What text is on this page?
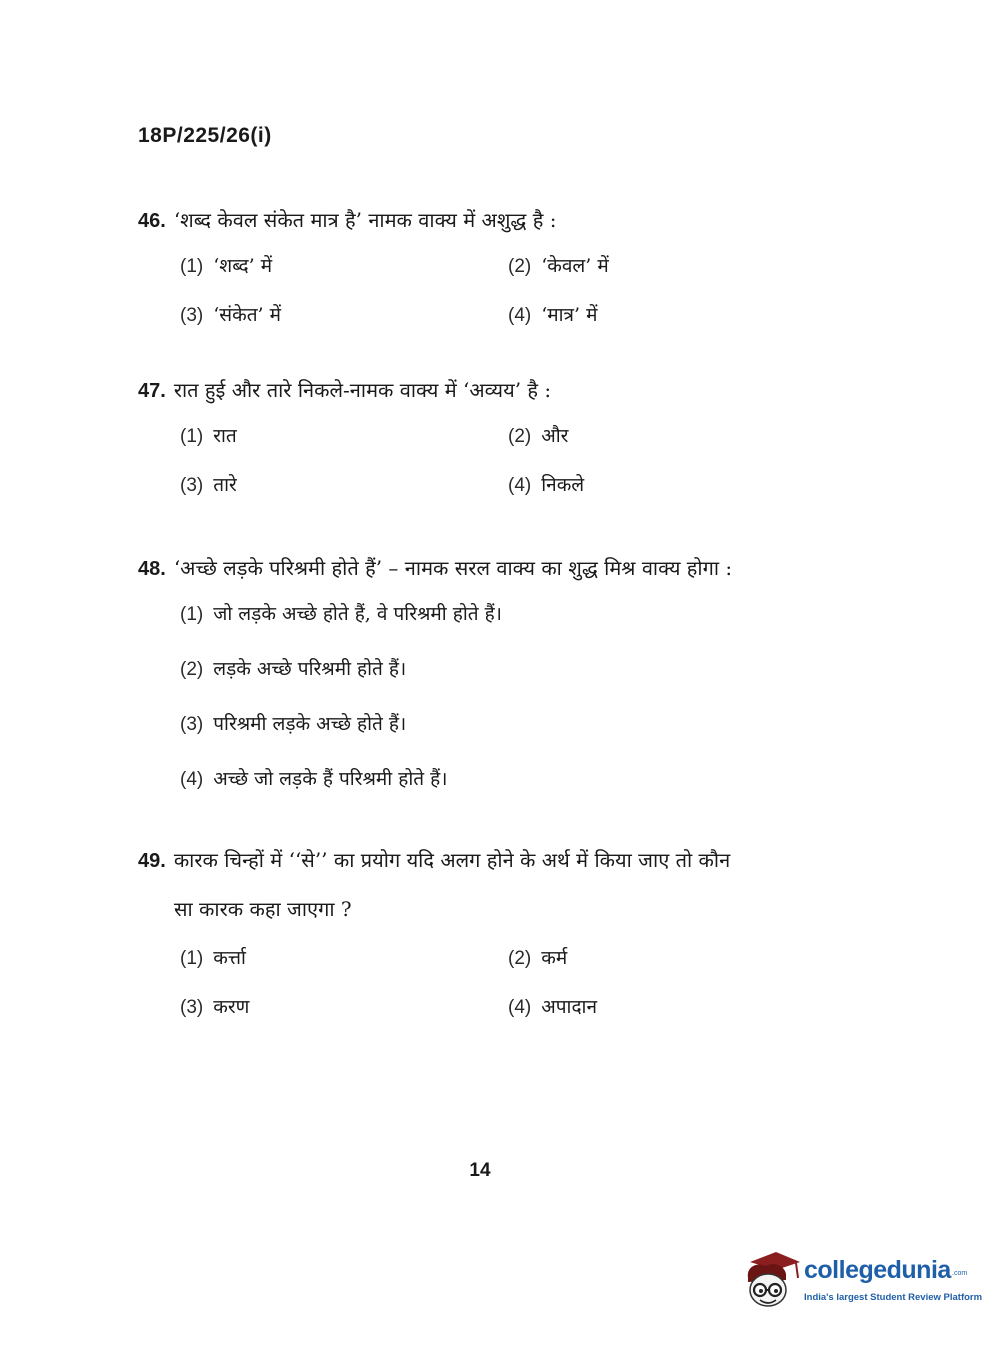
18P/225/26(i)
46. ‘शब्द केवल संकेत मात्र है’ नामक वाक्य में अशुद्ध है :
(1) ‘शब्द’ में	(2) ‘केवल’ में
(3) ‘संकेत’ में	(4) ‘मात्र’ में
47. रात हुई और तारे निकले-नामक वाक्य में ‘अव्यय’ है :
(1) रात	(2) और
(3) तारे	(4) निकले
48. ‘अच्छे लड़के परिश्रमी होते हैं’ – नामक सरल वाक्य का शुद्ध मिश्र वाक्य होगा :
(1) जो लड़के अच्छे होते हैं, वे परिश्रमी होते हैं।
(2) लड़के अच्छे परिश्रमी होते हैं।
(3) परिश्रमी लड़के अच्छे होते हैं।
(4) अच्छे जो लड़के हैं परिश्रमी होते हैं।
49. कारक चिन्हों में ‘‘से’’ का प्रयोग यदि अलग होने के अर्थ में किया जाए तो कौन
सा कारक कहा जाएगा ?
(1) कर्त्ता	(2) कर्म
(3) करण	(4) अपादान
14
collegedunia .com
India's largest Student Review Platform
